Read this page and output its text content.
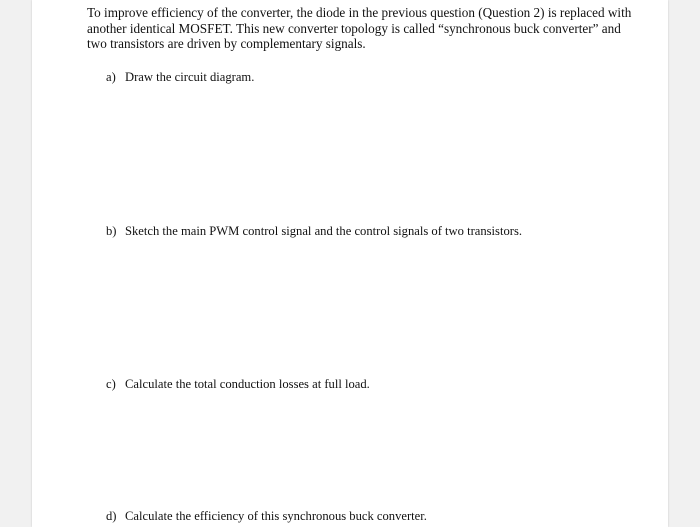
To improve efficiency of the converter, the diode in the previous question (Question 2) is replaced with another identical MOSFET. This new converter topology is called “synchronous buck converter” and two transistors are driven by complementary signals.

a) Draw the circuit diagram.

b) Sketch the main PWM control signal and the control signals of two transistors.

c) Calculate the total conduction losses at full load.

d) Calculate the efficiency of this synchronous buck converter.
